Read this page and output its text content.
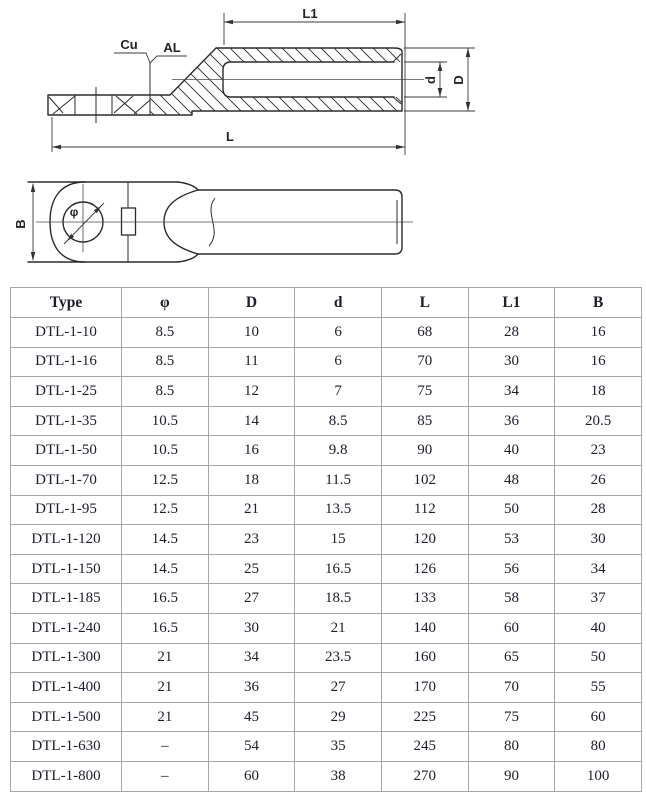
Cu AL
L1
L
d D
φ
B
Type	φ	D	d	L	L1	B
DTL-1-10	8.5	10	6	68	28	16
DTL-1-16	8.5	11	6	70	30	16
DTL-1-25	8.5	12	7	75	34	18
DTL-1-35	10.5	14	8.5	85	36	20.5
DTL-1-50	10.5	16	9.8	90	40	23
DTL-1-70	12.5	18	11.5	102	48	26
DTL-1-95	12.5	21	13.5	112	50	28
DTL-1-120	14.5	23	15	120	53	30
DTL-1-150	14.5	25	16.5	126	56	34
DTL-1-185	16.5	27	18.5	133	58	37
DTL-1-240	16.5	30	21	140	60	40
DTL-1-300	21	34	23.5	160	65	50
DTL-1-400	21	36	27	170	70	55
DTL-1-500	21	45	29	225	75	60
DTL-1-630	–	54	35	245	80	80
DTL-1-800	–	60	38	270	90	100
